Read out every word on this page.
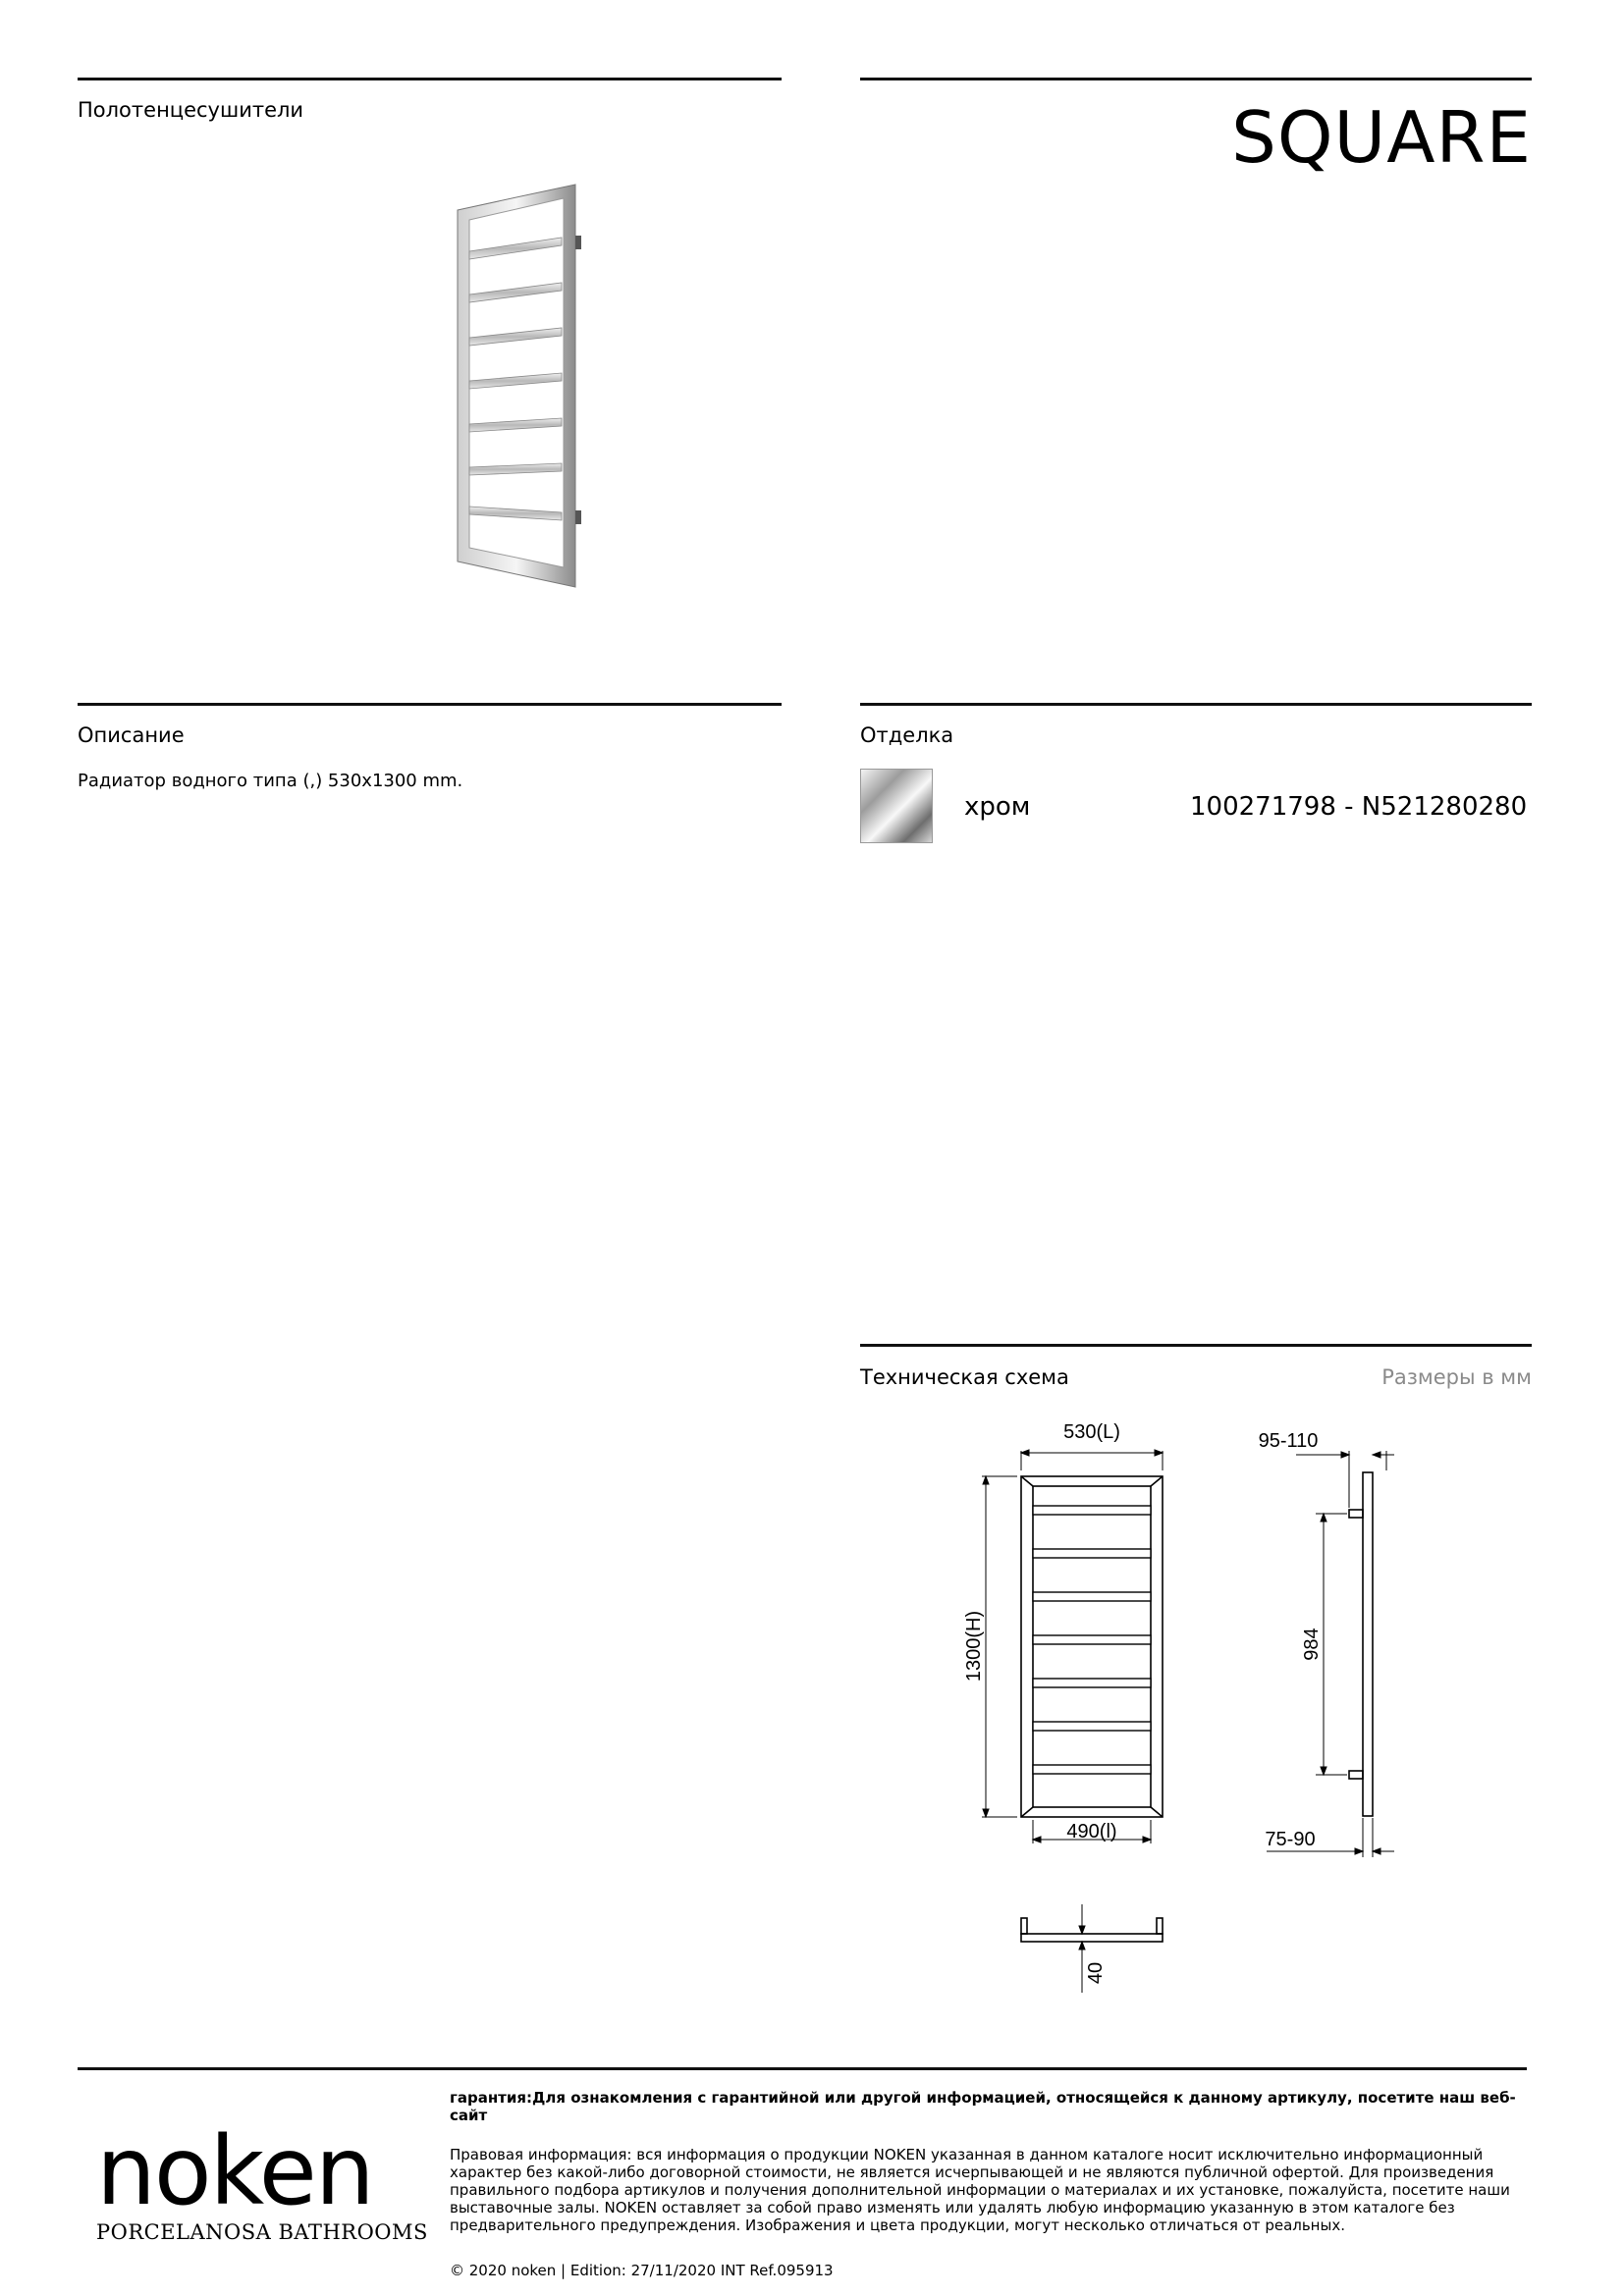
Полотенцесушители	SQUARE
Описание
Радиатор водного типа (,) 530x1300 mm.
Отделка
хром	100271798 - N521280280
Техническая схема	Размеры в мм
530(L)
1300(H)
490(l)
95-110
984
75-90
40
noken
PORCELANOSA BATHROOMS
гарантия:Для ознакомления с гарантийной или другой информацией, относящейся к данному артикулу, посетите наш веб-сайт
Правовая информация: вся информация о продукции NOKEN указанная в данном каталоге носит исключительно информационный характер без какой-либо договорной стоимости, не является исчерпывающей и не являются публичной офертой. Для произведения правильного подбора артикулов и получения дополнительной информации о материалах и их установке, пожалуйста, посетите наши выставочные залы. NOKEN оставляет за собой право изменять или удалять любую информацию указанную в этом каталоге без предварительного предупреждения. Изображения и цвета продукции, могут несколько отличаться от реальных.
© 2020 noken | Edition: 27/11/2020 INT Ref.095913
